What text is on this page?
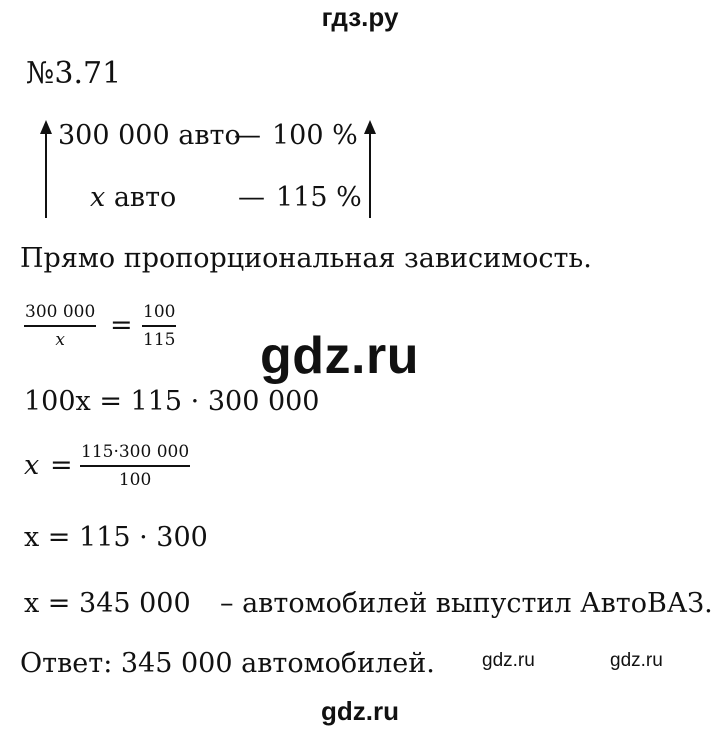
гдз.ру
gdz.ru
gdz.ru	gdz.ru
gdz.ru
№3.71
300 000 авто
— 100 %
x авто — 115 %
Прямо пропорциональная зависимость.
300 000
x = 100
115
100x = 115 · 300 000
x = 115·300 000
100
x = 115 · 300
x = 345 000 – автомобилей выпустил АвтоВАЗ.
Ответ: 345 000 автомобилей.
